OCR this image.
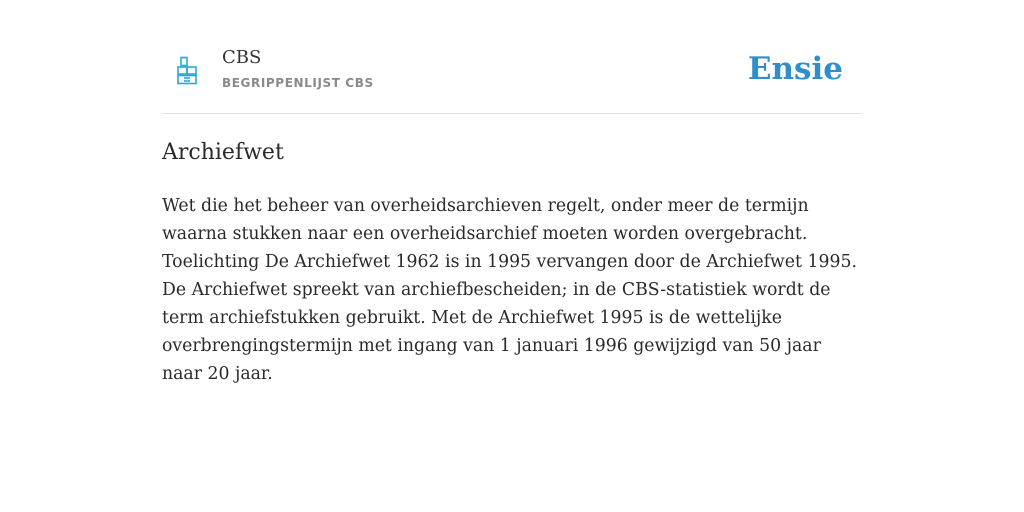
CBS
BEGRIPPENLIJST CBS	Ensie
Archiefwet

Wet die het beheer van overheidsarchieven regelt, onder meer de termijn waarna stukken naar een overheidsarchief moeten worden overgebracht. Toelichting De Archiefwet 1962 is in 1995 vervangen door de Archiefwet 1995. De Archiefwet spreekt van archiefbescheiden; in de CBS-statistiek wordt de term archiefstukken gebruikt. Met de Archiefwet 1995 is de wettelijke overbrengingstermijn met ingang van 1 januari 1996 gewijzigd van 50 jaar naar 20 jaar.
